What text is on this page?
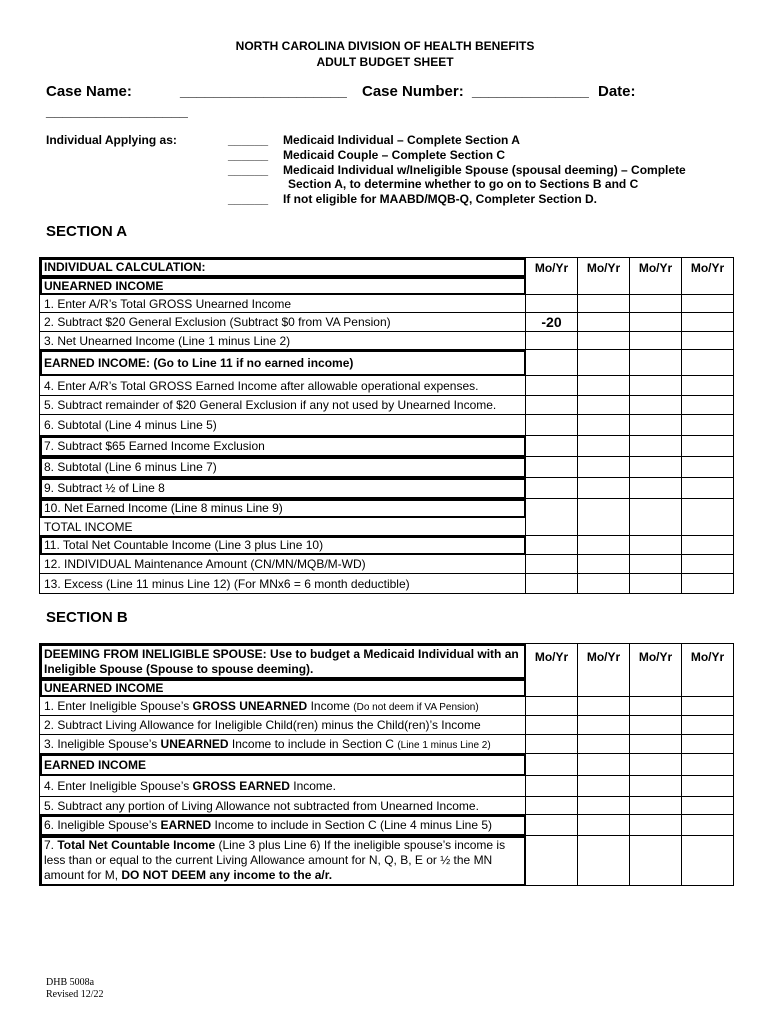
NORTH CAROLINA DIVISION OF HEALTH BENEFITS
ADULT BUDGET SHEET
Case Name:	____________________ Case Number: ______________ Date:
_________________
Individual Applying as:	______ Medicaid Individual – Complete Section A
______ Medicaid Couple – Complete Section C
______ Medicaid Individual w/Ineligible Spouse (spousal deeming) – Complete
Section A, to determine whether to go on to Sections B and C
______ If not eligible for MAABD/MQB-Q, Completer Section D.
SECTION A
INDIVIDUAL CALCULATION:	Mo/Yr	Mo/Yr	Mo/Yr	Mo/Yr
UNEARNED INCOME				
1. Enter A/R’s Total GROSS Unearned Income				
2. Subtract $20 General Exclusion (Subtract $0 from VA Pension)	-20			
3. Net Unearned Income (Line 1 minus Line 2)				
EARNED INCOME: (Go to Line 11 if no earned income)				
4. Enter A/R’s Total GROSS Earned Income after allowable operational expenses.				
5. Subtract remainder of $20 General Exclusion if any not used by Unearned Income.				
6. Subtotal (Line 4 minus Line 5)				
7. Subtract $65 Earned Income Exclusion				
8. Subtotal (Line 6 minus Line 7)				
9. Subtract ½ of Line 8				
10. Net Earned Income (Line 8 minus Line 9)				
TOTAL INCOME				
11. Total Net Countable Income (Line 3 plus Line 10)				
12. INDIVIDUAL Maintenance Amount (CN/MN/MQB/M-WD)				
13. Excess (Line 11 minus Line 12) (For MNx6 = 6 month deductible)				
SECTION B
DEEMING FROM INELIGIBLE SPOUSE: Use to budget a Medicaid Individual with an Ineligible Spouse (Spouse to spouse deeming).	Mo/Yr	Mo/Yr	Mo/Yr	Mo/Yr
UNEARNED INCOME				
1. Enter Ineligible Spouse’s GROSS UNEARNED Income (Do not deem if VA Pension)				
2. Subtract Living Allowance for Ineligible Child(ren) minus the Child(ren)’s Income				
3. Ineligible Spouse’s UNEARNED Income to include in Section C (Line 1 minus Line 2)				
EARNED INCOME				
4. Enter Ineligible Spouse’s GROSS EARNED Income.				
5. Subtract any portion of Living Allowance not subtracted from Unearned Income.				
6. Ineligible Spouse’s EARNED Income to include in Section C (Line 4 minus Line 5)				
7. Total Net Countable Income (Line 3 plus Line 6) If the ineligible spouse’s income is less than or equal to the current Living Allowance amount for N, Q, B, E or ½ the MN amount for M, DO NOT DEEM any income to the a/r.				
DHB 5008a
Revised 12/22
